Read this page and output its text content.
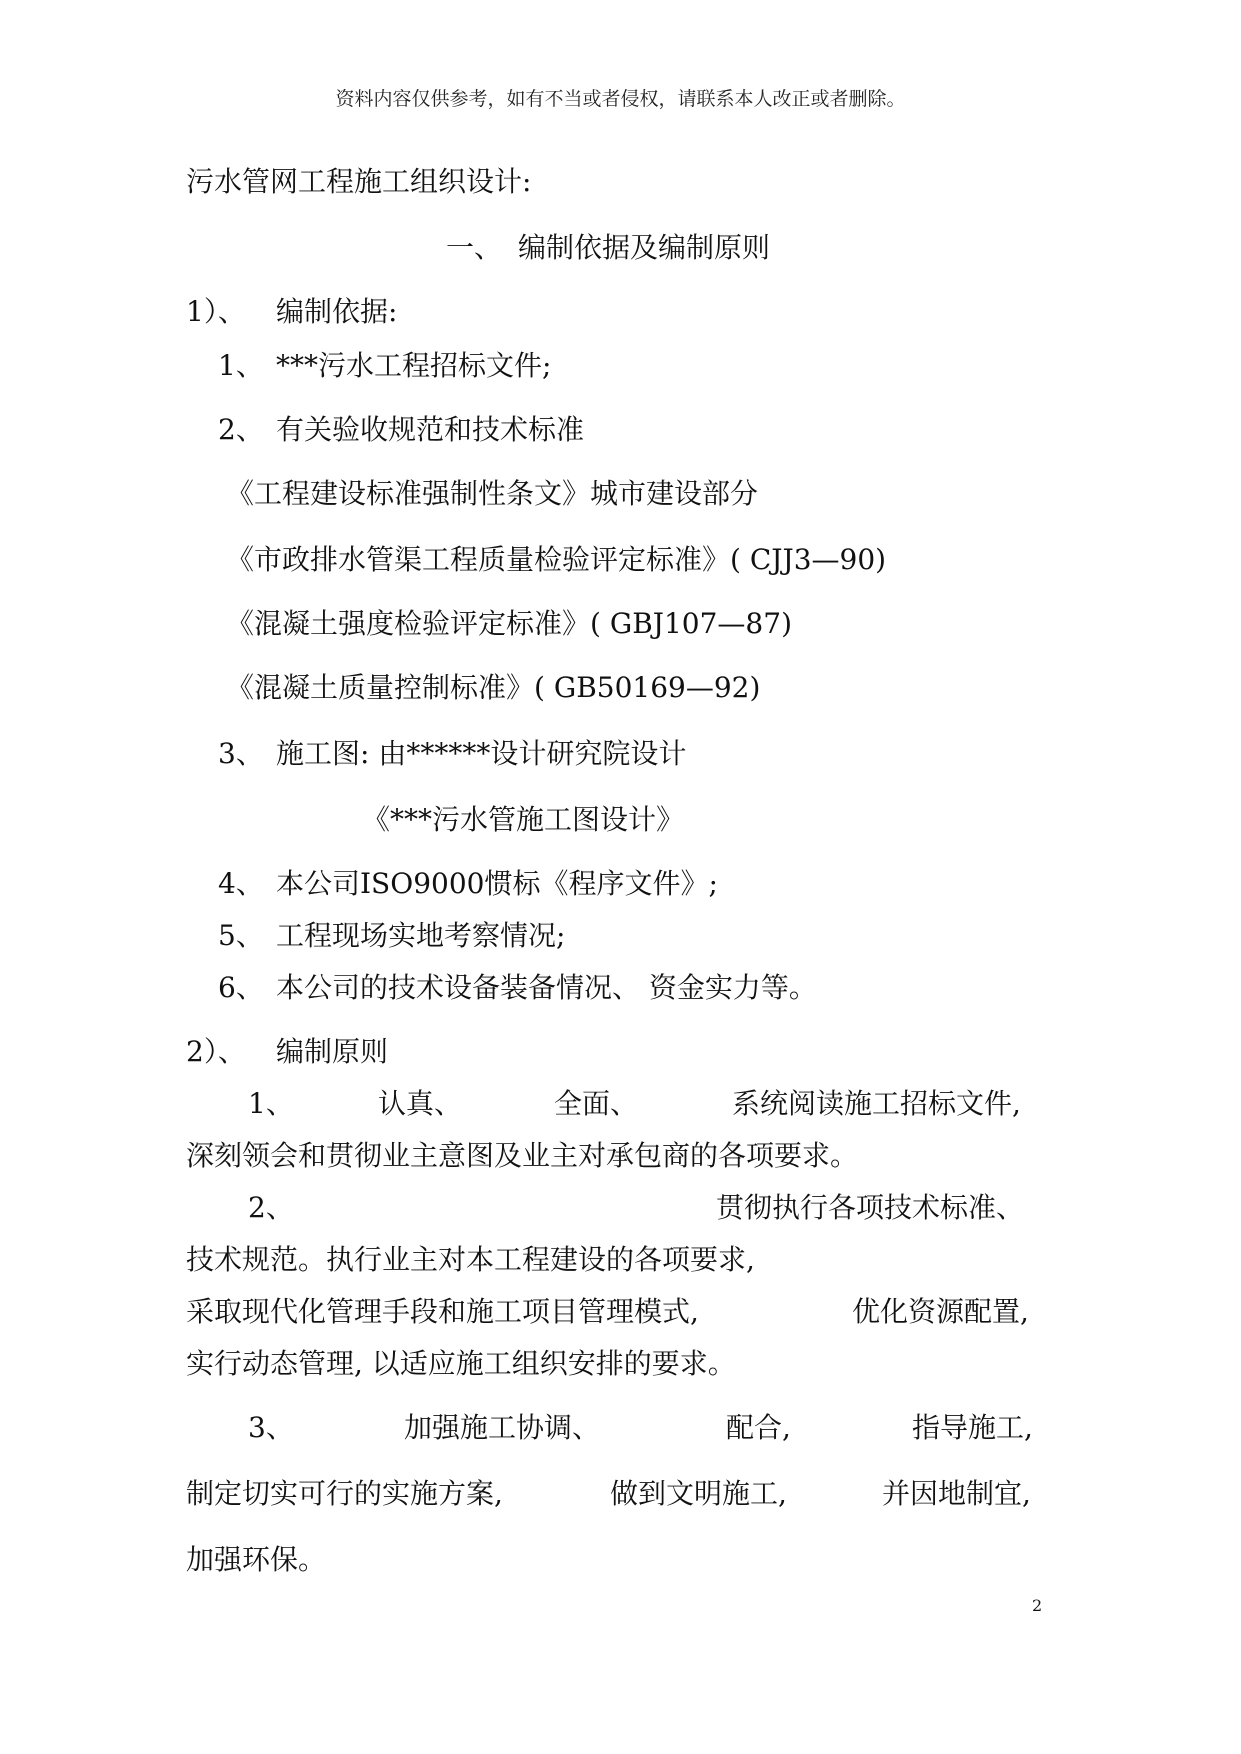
资料内容仅供参考，如有不当或者侵权，请联系本人改正或者删除。
污水管网工程施工组织设计:
一、 编制依据及编制原则
1）、 编制依据:
1、 ***污水工程招标文件;
2、 有关验收规范和技术标准
《工程建设标准强制性条文》城市建设部分
《市政排水管渠工程质量检验评定标准》( CJJ3—90)
《混凝土强度检验评定标准》( GBJ107—87)
《混凝土质量控制标准》( GB50169—92)
3、 施工图: 由******设计研究院设计
《***污水管施工图设计》
4、 本公司ISO9000惯标《程序文件》;
5、 工程现场实地考察情况;
6、 本公司的技术设备装备情况、 资金实力等。
2）、 编制原则
1、	认真、	全面、	系统阅读施工招标文件,
深刻领会和贯彻业主意图及业主对承包商的各项要求。
2、	贯彻执行各项技术标准、
技术规范。执行业主对本工程建设的各项要求,
采取现代化管理手段和施工项目管理模式,	优化资源配置,
实行动态管理, 以适应施工组织安排的要求。
3、	加强施工协调、	配合,	指导施工,
制定切实可行的实施方案,	做到文明施工,	并因地制宜,
加强环保。
2
